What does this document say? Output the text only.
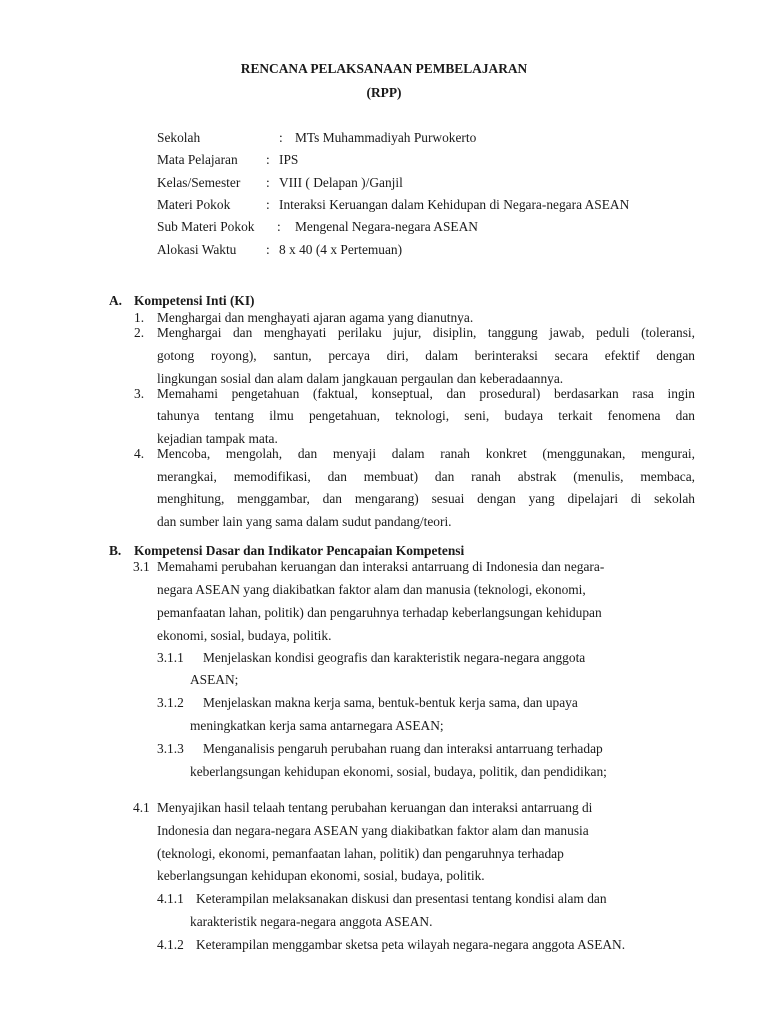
RENCANA PELAKSANAAN PEMBELAJARAN
(RPP)
Sekolah	: MTs Muhammadiyah Purwokerto
Mata Pelajaran : IPS
Kelas/Semester : VIII ( Delapan )/Ganjil
Materi Pokok	: Interaksi Keruangan dalam Kehidupan di Negara-negara ASEAN
Sub Materi Pokok : Mengenal Negara-negara ASEAN
Alokasi Waktu : 8 x 40 (4 x Pertemuan)
A. Kompetensi Inti (KI)
1. Menghargai dan menghayati ajaran agama yang dianutnya.
2. Menghargai dan menghayati perilaku jujur, disiplin, tanggung jawab, peduli (toleransi,
gotong royong), santun, percaya diri, dalam berinteraksi secara efektif dengan
lingkungan sosial dan alam dalam jangkauan pergaulan dan keberadaannya.
3. Memahami pengetahuan (faktual, konseptual, dan prosedural) berdasarkan rasa ingin
tahunya tentang ilmu pengetahuan, teknologi, seni, budaya terkait fenomena dan
kejadian tampak mata.
4. Mencoba, mengolah, dan menyaji dalam ranah konkret (menggunakan, mengurai,
merangkai, memodifikasi, dan membuat) dan ranah abstrak (menulis, membaca,
menghitung, menggambar, dan mengarang) sesuai dengan yang dipelajari di sekolah
dan sumber lain yang sama dalam sudut pandang/teori.
B. Kompetensi Dasar dan Indikator Pencapaian Kompetensi
3.1 Memahami perubahan keruangan dan interaksi antarruang di Indonesia dan negara-
negara ASEAN yang diakibatkan faktor alam dan manusia (teknologi, ekonomi,
pemanfaatan lahan, politik) dan pengaruhnya terhadap keberlangsungan kehidupan
ekonomi, sosial, budaya, politik.
3.1.1 Menjelaskan kondisi geografis dan karakteristik negara-negara anggota
ASEAN;
3.1.2 Menjelaskan makna kerja sama, bentuk-bentuk kerja sama, dan upaya
meningkatkan kerja sama antarnegara ASEAN;
3.1.3 Menganalisis pengaruh perubahan ruang dan interaksi antarruang terhadap
keberlangsungan kehidupan ekonomi, sosial, budaya, politik, dan pendidikan;
4.1 Menyajikan hasil telaah tentang perubahan keruangan dan interaksi antarruang di
Indonesia dan negara-negara ASEAN yang diakibatkan faktor alam dan manusia
(teknologi, ekonomi, pemanfaatan lahan, politik) dan pengaruhnya terhadap
keberlangsungan kehidupan ekonomi, sosial, budaya, politik.
4.1.1 Keterampilan melaksanakan diskusi dan presentasi tentang kondisi alam dan
karakteristik negara-negara anggota ASEAN.
4.1.2 Keterampilan menggambar sketsa peta wilayah negara-negara anggota ASEAN.
